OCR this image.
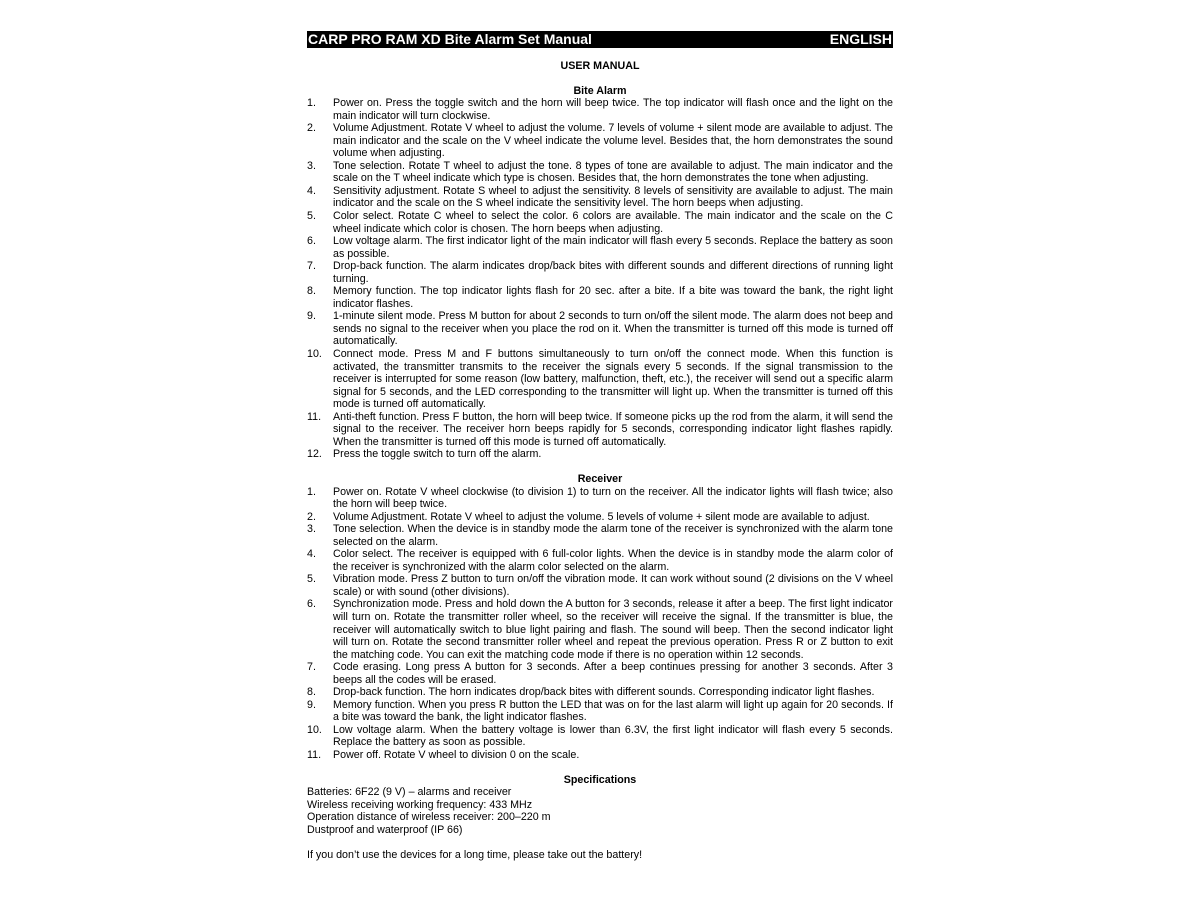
CARP PRO RAM XD Bite Alarm Set Manual	ENGLISH
USER MANUAL
Bite Alarm
1.	Power on. Press the toggle switch and the horn will beep twice. The top indicator will flash once and the light on the main indicator will turn clockwise.
2.	Volume Adjustment. Rotate V wheel to adjust the volume. 7 levels of volume + silent mode are available to adjust. The main indicator and the scale on the V wheel indicate the volume level. Besides that, the horn demonstrates the sound volume when adjusting.
3.	Tone selection. Rotate T wheel to adjust the tone. 8 types of tone are available to adjust. The main indicator and the scale on the T wheel indicate which type is chosen. Besides that, the horn demonstrates the tone when adjusting.
4.	Sensitivity adjustment. Rotate S wheel to adjust the sensitivity. 8 levels of sensitivity are available to adjust. The main indicator and the scale on the S wheel indicate the sensitivity level. The horn beeps when adjusting.
5.	Color select. Rotate C wheel to select the color. 6 colors are available. The main indicator and the scale on the C wheel indicate which color is chosen. The horn beeps when adjusting.
6.	Low voltage alarm. The first indicator light of the main indicator will flash every 5 seconds. Replace the battery as soon as possible.
7.	Drop-back function. The alarm indicates drop/back bites with different sounds and different directions of running light turning.
8.	Memory function. The top indicator lights flash for 20 sec. after a bite. If a bite was toward the bank, the right light indicator flashes.
9.	1-minute silent mode. Press M button for about 2 seconds to turn on/off the silent mode. The alarm does not beep and sends no signal to the receiver when you place the rod on it. When the transmitter is turned off this mode is turned off automatically.
10.	Connect mode. Press M and F buttons simultaneously to turn on/off the connect mode. When this function is activated, the transmitter transmits to the receiver the signals every 5 seconds. If the signal transmission to the receiver is interrupted for some reason (low battery, malfunction, theft, etc.), the receiver will send out a specific alarm signal for 5 seconds, and the LED corresponding to the transmitter will light up. When the transmitter is turned off this mode is turned off automatically.
11.	Anti-theft function. Press F button, the horn will beep twice. If someone picks up the rod from the alarm, it will send the signal to the receiver. The receiver horn beeps rapidly for 5 seconds, corresponding indicator light flashes rapidly. When the transmitter is turned off this mode is turned off automatically.
12.	Press the toggle switch to turn off the alarm.
Receiver
1.	Power on. Rotate V wheel clockwise (to division 1) to turn on the receiver. All the indicator lights will flash twice; also the horn will beep twice.
2.	Volume Adjustment. Rotate V wheel to adjust the volume. 5 levels of volume + silent mode are available to adjust.
3.	Tone selection. When the device is in standby mode the alarm tone of the receiver is synchronized with the alarm tone selected on the alarm.
4.	Color select. The receiver is equipped with 6 full-color lights. When the device is in standby mode the alarm color of the receiver is synchronized with the alarm color selected on the alarm.
5.	Vibration mode. Press Z button to turn on/off the vibration mode. It can work without sound (2 divisions on the V wheel scale) or with sound (other divisions).
6.	Synchronization mode. Press and hold down the A button for 3 seconds, release it after a beep. The first light indicator will turn on. Rotate the transmitter roller wheel, so the receiver will receive the signal. If the transmitter is blue, the receiver will automatically switch to blue light pairing and flash. The sound will beep. Then the second indicator light will turn on. Rotate the second transmitter roller wheel and repeat the previous operation. Press R or Z button to exit the matching code. You can exit the matching code mode if there is no operation within 12 seconds.
7.	Code erasing. Long press A button for 3 seconds. After a beep continues pressing for another 3 seconds. After 3 beeps all the codes will be erased.
8.	Drop-back function. The horn indicates drop/back bites with different sounds. Corresponding indicator light flashes.
9.	Memory function. When you press R button the LED that was on for the last alarm will light up again for 20 seconds. If a bite was toward the bank, the light indicator flashes.
10.	Low voltage alarm. When the battery voltage is lower than 6.3V, the first light indicator will flash every 5 seconds. Replace the battery as soon as possible.
11.	Power off. Rotate V wheel to division 0 on the scale.
Specifications
Batteries: 6F22 (9 V) – alarms and receiver
Wireless receiving working frequency: 433 MHz
Operation distance of wireless receiver: 200–220 m
Dustproof and waterproof (IP 66)
If you don’t use the devices for a long time, please take out the battery!
